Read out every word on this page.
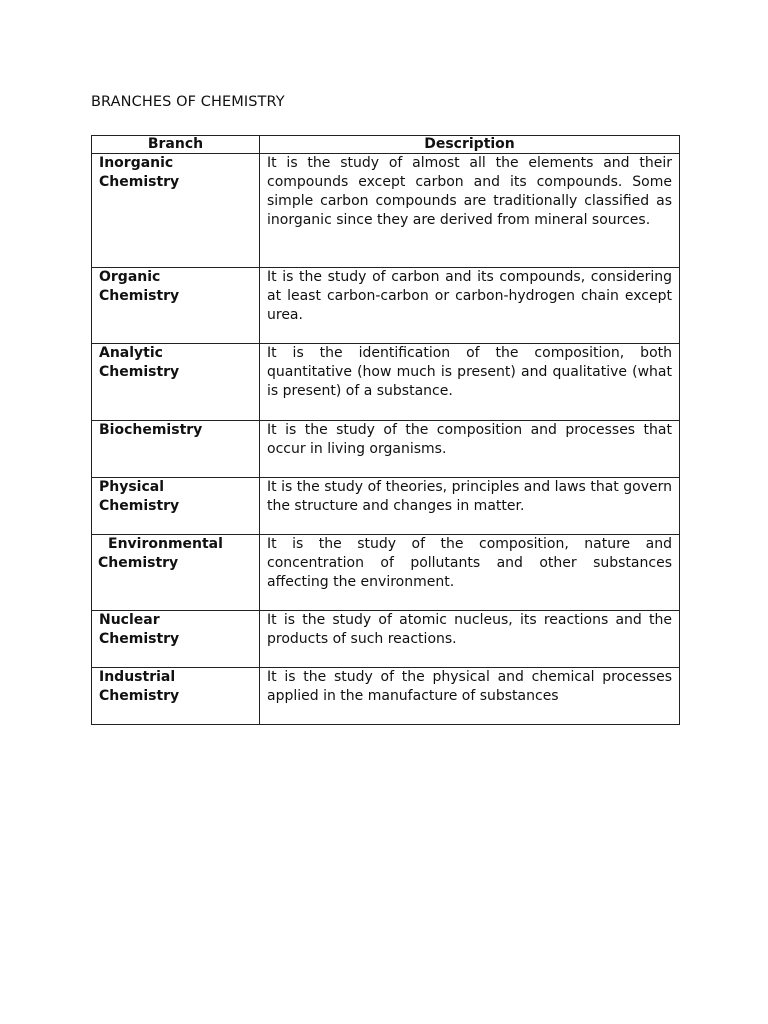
BRANCHES OF CHEMISTRY
Branch	Description

Inorganic
Chemistry	It is the study of almost all the elements and their compounds except carbon and its compounds. Some simple carbon compounds are traditionally classified as inorganic since they are derived from mineral sources.

Organic
Chemistry	It is the study of carbon and its compounds, considering at least carbon-carbon or carbon-hydrogen chain except urea.

Analytic
Chemistry	It is the identification of the composition, both quantitative (how much is present) and qualitative (what is present) of a substance.

Biochemistry	It is the study of the composition and processes that occur in living organisms.

Physical
Chemistry	It is the study of theories, principles and laws that govern the structure and changes in matter.

Environmental
Chemistry	It is the study of the composition, nature and concentration of pollutants and other substances affecting the environment.

Nuclear
Chemistry	It is the study of atomic nucleus, its reactions and the products of such reactions.

Industrial
Chemistry	It is the study of the physical and chemical processes applied in the manufacture of substances
